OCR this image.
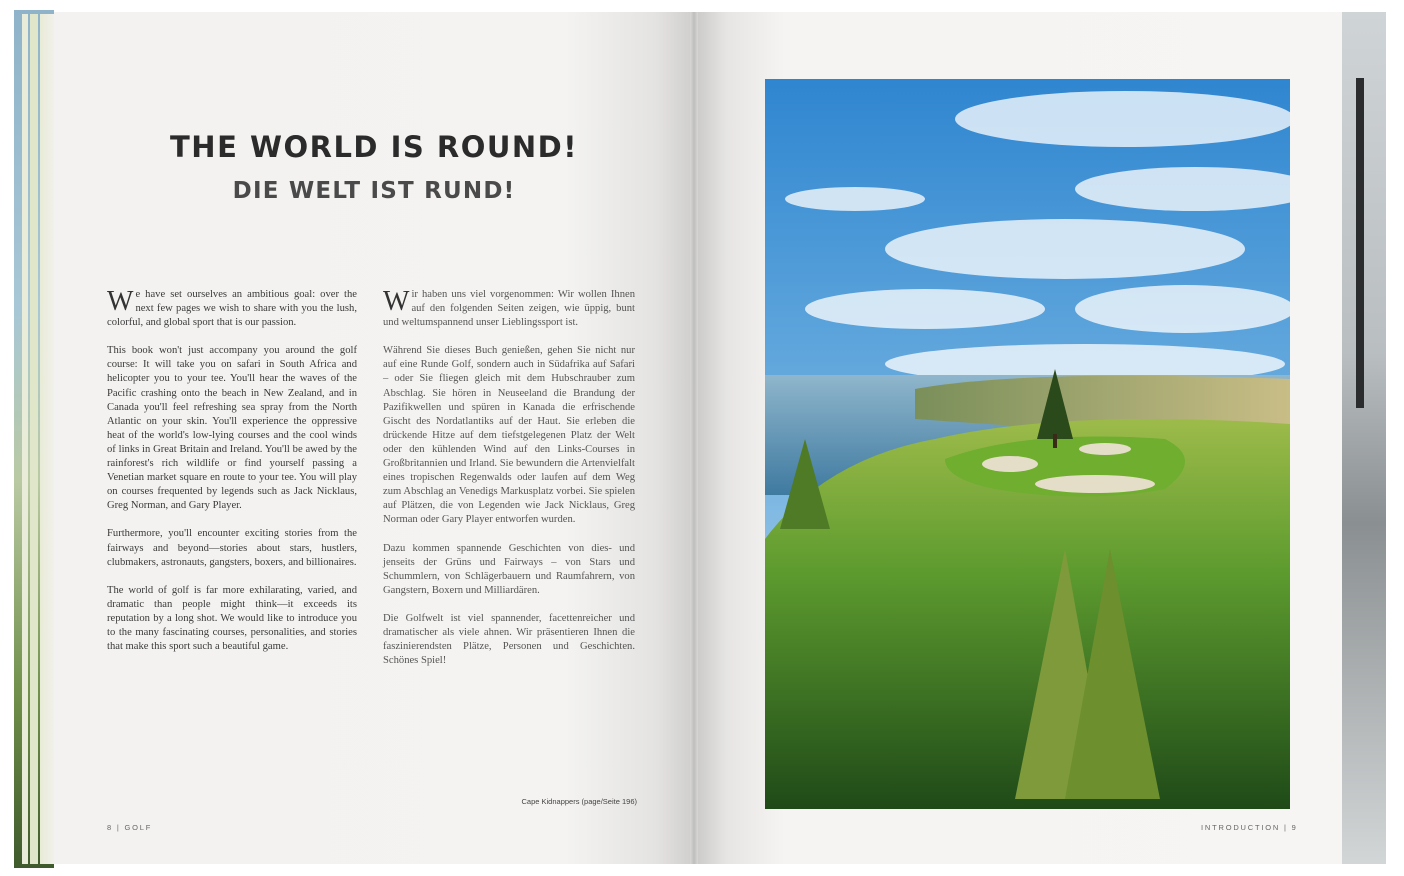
THE WORLD IS ROUND!
DIE WELT IST RUND!

We have set ourselves an ambitious goal: over the next few pages we wish to share with you the lush, colorful, and global sport that is our passion.

This book won't just accompany you around the golf course: It will take you on safari in South Africa and helicopter you to your tee. You'll hear the waves of the Pacific crashing onto the beach in New Zealand, and in Canada you'll feel refreshing sea spray from the North Atlantic on your skin. You'll experience the oppressive heat of the world's low-lying courses and the cool winds of links in Great Britain and Ireland. You'll be awed by the rainforest's rich wildlife or find yourself passing a Venetian market square en route to your tee. You will play on courses frequented by legends such as Jack Nicklaus, Greg Norman, and Gary Player.

Furthermore, you'll encounter exciting stories from the fairways and beyond—stories about stars, hustlers, clubmakers, astronauts, gangsters, boxers, and billionaires.

The world of golf is far more exhilarating, varied, and dramatic than people might think—it exceeds its reputation by a long shot. We would like to introduce you to the many fascinating courses, personalities, and stories that make this sport such a beautiful game.

Wir haben uns viel vorgenommen: Wir wollen Ihnen auf den folgenden Seiten zeigen, wie üppig, bunt und weltumspannend unser Lieblingssport ist.

Während Sie dieses Buch genießen, gehen Sie nicht nur auf eine Runde Golf, sondern auch in Südafrika auf Safari – oder Sie fliegen gleich mit dem Hubschrauber zum Abschlag. Sie hören in Neuseeland die Brandung der Pazifikwellen und spüren in Kanada die erfrischende Gischt des Nordatlantiks auf der Haut. Sie erleben die drückende Hitze auf dem tiefstgelegenen Platz der Welt oder den kühlenden Wind auf den Links-Courses in Großbritannien und Irland. Sie bewundern die Artenvielfalt eines tropischen Regenwalds oder laufen auf dem Weg zum Abschlag an Venedigs Markusplatz vorbei. Sie spielen auf Plätzen, die von Legenden wie Jack Nicklaus, Greg Norman oder Gary Player entworfen wurden.

Dazu kommen spannende Geschichten von dies- und jenseits der Grüns und Fairways – von Stars und Schummlern, von Schlägerbauern und Raumfahrern, von Gangstern, Boxern und Milliardären.

Die Golfwelt ist viel spannender, facettenreicher und dramatischer als viele ahnen. Wir präsentieren Ihnen die faszinierendsten Plätze, Personen und Geschichten. Schönes Spiel!

Cape Kidnappers (page/Seite 196)
8 | GOLF	INTRODUCTION | 9
